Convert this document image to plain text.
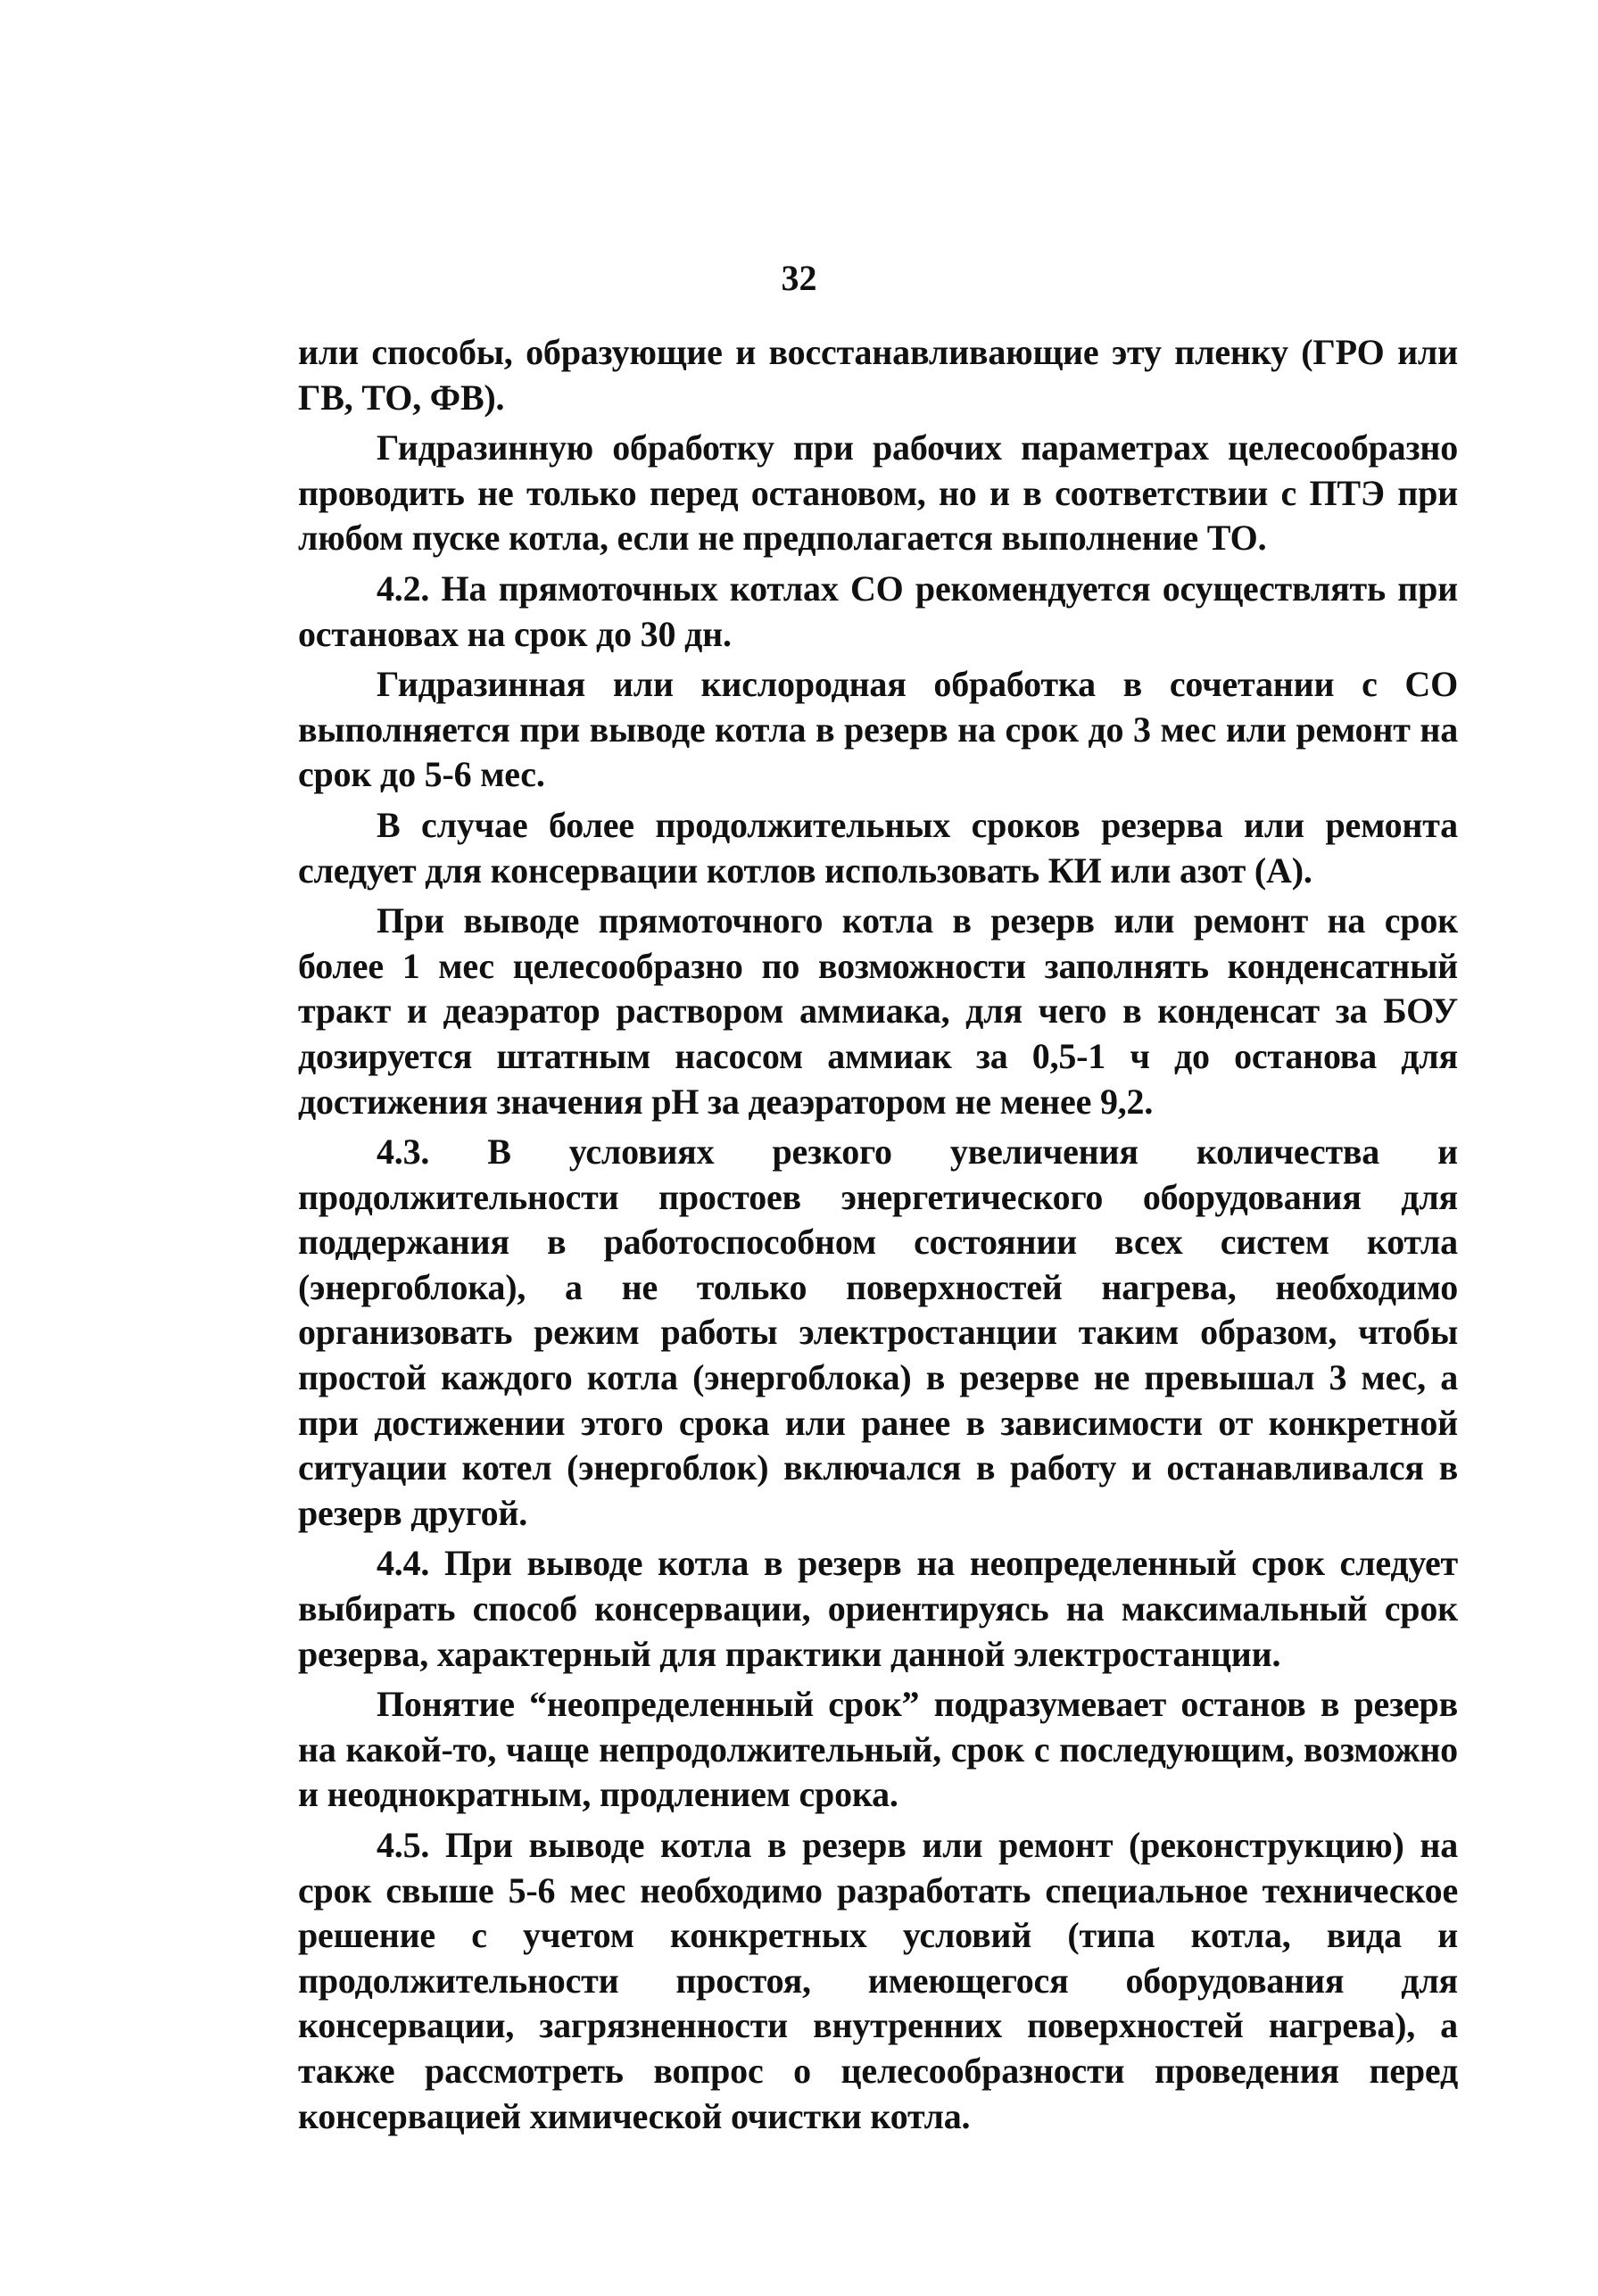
32

или способы, образующие и восстанавливающие эту пленку (ГРО или ГВ, ТО, ФВ).

Гидразинную обработку при рабочих параметрах целесообразно проводить не только перед остановом, но и в соответствии с ПТЭ при любом пуске котла, если не предполагается выполнение ТО.

4.2. На прямоточных котлах СО рекомендуется осуществлять при остановах на срок до 30 дн.

Гидразинная или кислородная обработка в сочетании с СО выполняется при выводе котла в резерв на срок до 3 мес или ремонт на срок до 5-6 мес.

В случае более продолжительных сроков резерва или ремонта следует для консервации котлов использовать КИ или азот (А).

При выводе прямоточного котла в резерв или ремонт на срок более 1 мес целесообразно по возможности заполнять конденсатный тракт и деаэратор раствором аммиака, для чего в конденсат за БОУ дозируется штатным насосом аммиак за 0,5-1 ч до останова для достижения значения pH за деаэратором не менее 9,2.

4.3. В условиях резкого увеличения количества и продолжительности простоев энергетического оборудования для поддержания в работоспособном состоянии всех систем котла (энергоблока), а не только поверхностей нагрева, необходимо организовать режим работы электростанции таким образом, чтобы простой каждого котла (энергоблока) в резерве не превышал 3 мес, а при достижении этого срока или ранее в зависимости от конкретной ситуации котел (энергоблок) включался в работу и останавливался в резерв другой.

4.4. При выводе котла в резерв на неопределенный срок следует выбирать способ консервации, ориентируясь на максимальный срок резерва, характерный для практики данной электростанции.

Понятие “неопределенный срок” подразумевает останов в резерв на какой-то, чаще непродолжительный, срок с последующим, возможно и неоднократным, продлением срока.

4.5. При выводе котла в резерв или ремонт (реконструкцию) на срок свыше 5-6 мес необходимо разработать специальное техническое решение с учетом конкретных условий (типа котла, вида и продолжительности простоя, имеющегося оборудования для консервации, загрязненности внутренних поверхностей нагрева), а также рассмотреть вопрос о целесообразности проведения перед консервацией химической очистки котла.
